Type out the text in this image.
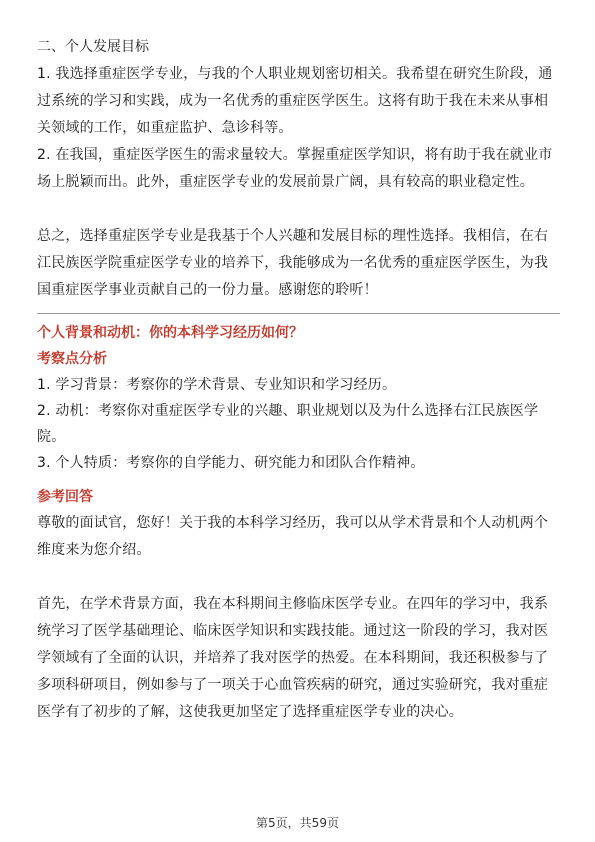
二、个人发展目标

1. 我选择重症医学专业，与我的个人职业规划密切相关。我希望在研究生阶段，通过系统的学习和实践，成为一名优秀的重症医学医生。这将有助于我在未来从事相关领域的工作，如重症监护、急诊科等。

2. 在我国，重症医学医生的需求量较大。掌握重症医学知识，将有助于我在就业市场上脱颖而出。此外，重症医学专业的发展前景广阔，具有较高的职业稳定性。

总之，选择重症医学专业是我基于个人兴趣和发展目标的理性选择。我相信，在右江民族医学院重症医学专业的培养下，我能够成为一名优秀的重症医学医生，为我国重症医学事业贡献自己的一份力量。感谢您的聆听！

个人背景和动机：你的本科学习经历如何？

考察点分析

1. 学习背景：考察你的学术背景、专业知识和学习经历。

2. 动机：考察你对重症医学专业的兴趣、职业规划以及为什么选择右江民族医学院。

3. 个人特质：考察你的自学能力、研究能力和团队合作精神。

参考回答

尊敬的面试官，您好！关于我的本科学习经历，我可以从学术背景和个人动机两个维度来为您介绍。

首先，在学术背景方面，我在本科期间主修临床医学专业。在四年的学习中，我系统学习了医学基础理论、临床医学知识和实践技能。通过这一阶段的学习，我对医学领域有了全面的认识，并培养了我对医学的热爱。在本科期间，我还积极参与了多项科研项目，例如参与了一项关于心血管疾病的研究，通过实验研究，我对重症医学有了初步的了解，这使我更加坚定了选择重症医学专业的决心。

第5页，共59页
